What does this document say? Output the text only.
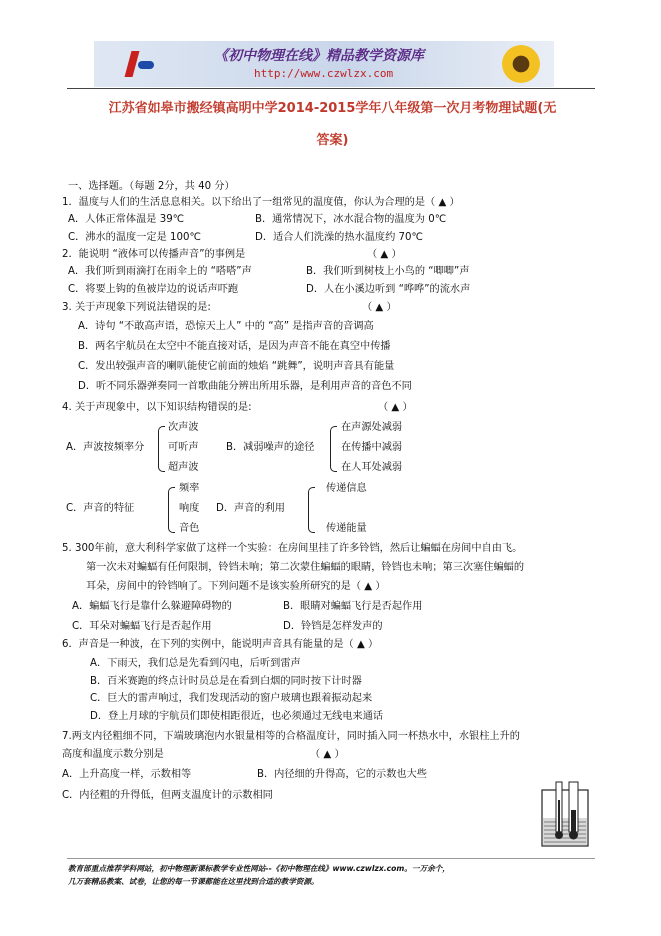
《初中物理在线》精品教学资源库
http://www.czwlzx.com
江苏省如皋市搬经镇高明中学2014-2015学年八年级第一次月考物理试题(无
答案)
一、选择题。（每题 2分，共 40 分）
1．温度与人们的生活息息相关。以下给出了一组常见的温度值，你认为合理的是（ ▲ ）
A．人体正常体温是 39℃	B．通常情况下，冰水混合物的温度为 0℃
C．沸水的温度一定是 100℃	D．适合人们洗澡的热水温度约 70℃
2．能说明 “液体可以传播声音”的事例是	（ ▲ ）
A．我们听到雨滴打在雨伞上的 “嗒嗒”声	B．我们听到树枝上小鸟的 “唧唧”声
C．将要上钩的鱼被岸边的说话声吓跑	D．人在小溪边听到 “哗哗”的流水声
3. 关于声现象下列说法错误的是:	（ ▲ ）
A．诗句 “不敢高声语，恐惊天上人” 中的 “高” 是指声音的音调高
B．两名宇航员在太空中不能直接对话，是因为声音不能在真空中传播
C．发出较强声音的喇叭能使它前面的烛焰 “跳舞”，说明声音具有能量
D．听不同乐器弹奏同一首歌曲能分辨出所用乐器，是利用声音的音色不同
4. 关于声现象中，以下知识结构错误的是:	（ ▲ ）
A．声波按频率分
次声波
可听声
超声波
B．减弱噪声的途径
在声源处减弱
在传播中减弱
在人耳处减弱
C．声音的特征
频率
响度
音色
D．声音的利用
传递信息
传递能量
5. 300年前，意大利科学家做了这样一个实验：在房间里挂了许多铃铛，然后让蝙蝠在房间中自由飞。
第一次未对蝙蝠有任何限制，铃铛未响；第二次蒙住蝙蝠的眼睛，铃铛也未响；第三次塞住蝙蝠的
耳朵，房间中的铃铛响了。下列问题不是该实验所研究的是（ ▲ ）
A．蝙蝠飞行是靠什么躲避障碍物的	B．眼睛对蝙蝠飞行是否起作用
C．耳朵对蝙蝠飞行是否起作用	D．铃铛是怎样发声的
6．声音是一种波，在下列的实例中，能说明声音具有能量的是（ ▲ ）
A．下雨天，我们总是先看到闪电，后听到雷声
B．百米赛跑的终点计时员总是在看到白烟的同时按下计时器
C．巨大的雷声响过，我们发现活动的窗户玻璃也跟着振动起来
D．登上月球的宇航员们即使相距很近，也必须通过无线电来通话
7.两支内径粗细不同，下端玻璃泡内水银量相等的合格温度计，同时插入同一杯热水中，水银柱上升的
高度和温度示数分别是	（ ▲ ）
A．上升高度一样，示数相等	B．内径细的升得高，它的示数也大些
C．内径粗的升得低，但两支温度计的示数相同
教育部重点推荐学科网站，初中物理新课标教学专业性网站--《初中物理在线》www.czwlzx.com。一万余个，
几万套精品教案、试卷，让您的每一节课都能在这里找到合适的教学资源。
